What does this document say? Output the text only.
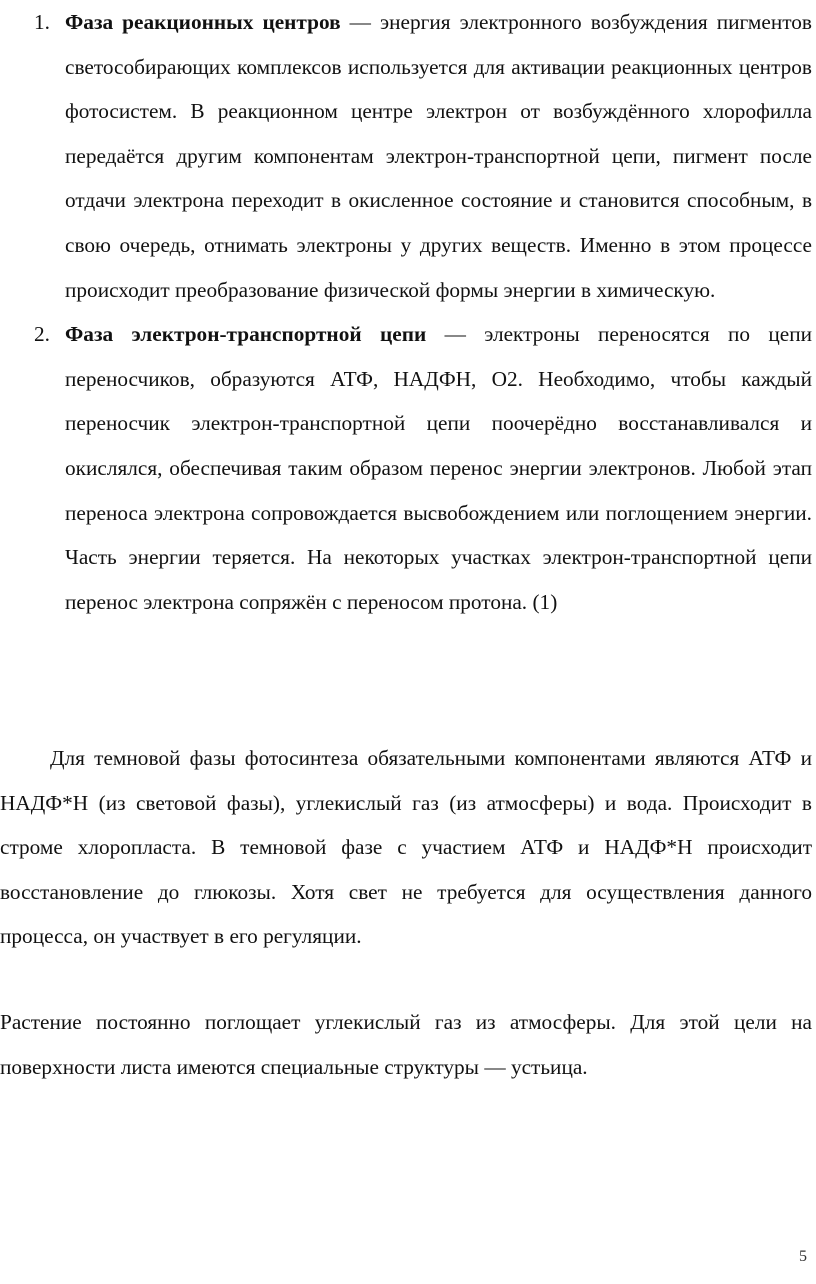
1. Фаза реакционных центров — энергия электронного возбуждения пигментов светособирающих комплексов используется для активации реакционных центров фотосистем. В реакционном центре электрон от возбуждённого хлорофилла передаётся другим компонентам электрон-транспортной цепи, пигмент после отдачи электрона переходит в окисленное состояние и становится способным, в свою очередь, отнимать электроны у других веществ. Именно в этом процессе происходит преобразование физической формы энергии в химическую.
2. Фаза электрон-транспортной цепи — электроны переносятся по цепи переносчиков, образуются АТФ, НАДФН, О2. Необходимо, чтобы каждый переносчик электрон-транспортной цепи поочерёдно восстанавливался и окислялся, обеспечивая таким образом перенос энергии электронов. Любой этап переноса электрона сопровождается высвобождением или поглощением энергии. Часть энергии теряется. На некоторых участках электрон-транспортной цепи перенос электрона сопряжён с переносом протона. (1)

Для темновой фазы фотосинтеза обязательными компонентами являются АТФ и НАДФ*Н (из световой фазы), углекислый газ (из атмосферы) и вода. Происходит в строме хлоропласта. В темновой фазе с участием АТФ и НАДФ*Н происходит восстановление до глюкозы. Хотя свет не требуется для осуществления данного процесса, он участвует в его регуляции.

Растение постоянно поглощает углекислый газ из атмосферы. Для этой цели на поверхности листа имеются специальные структуры — устьица.

5
